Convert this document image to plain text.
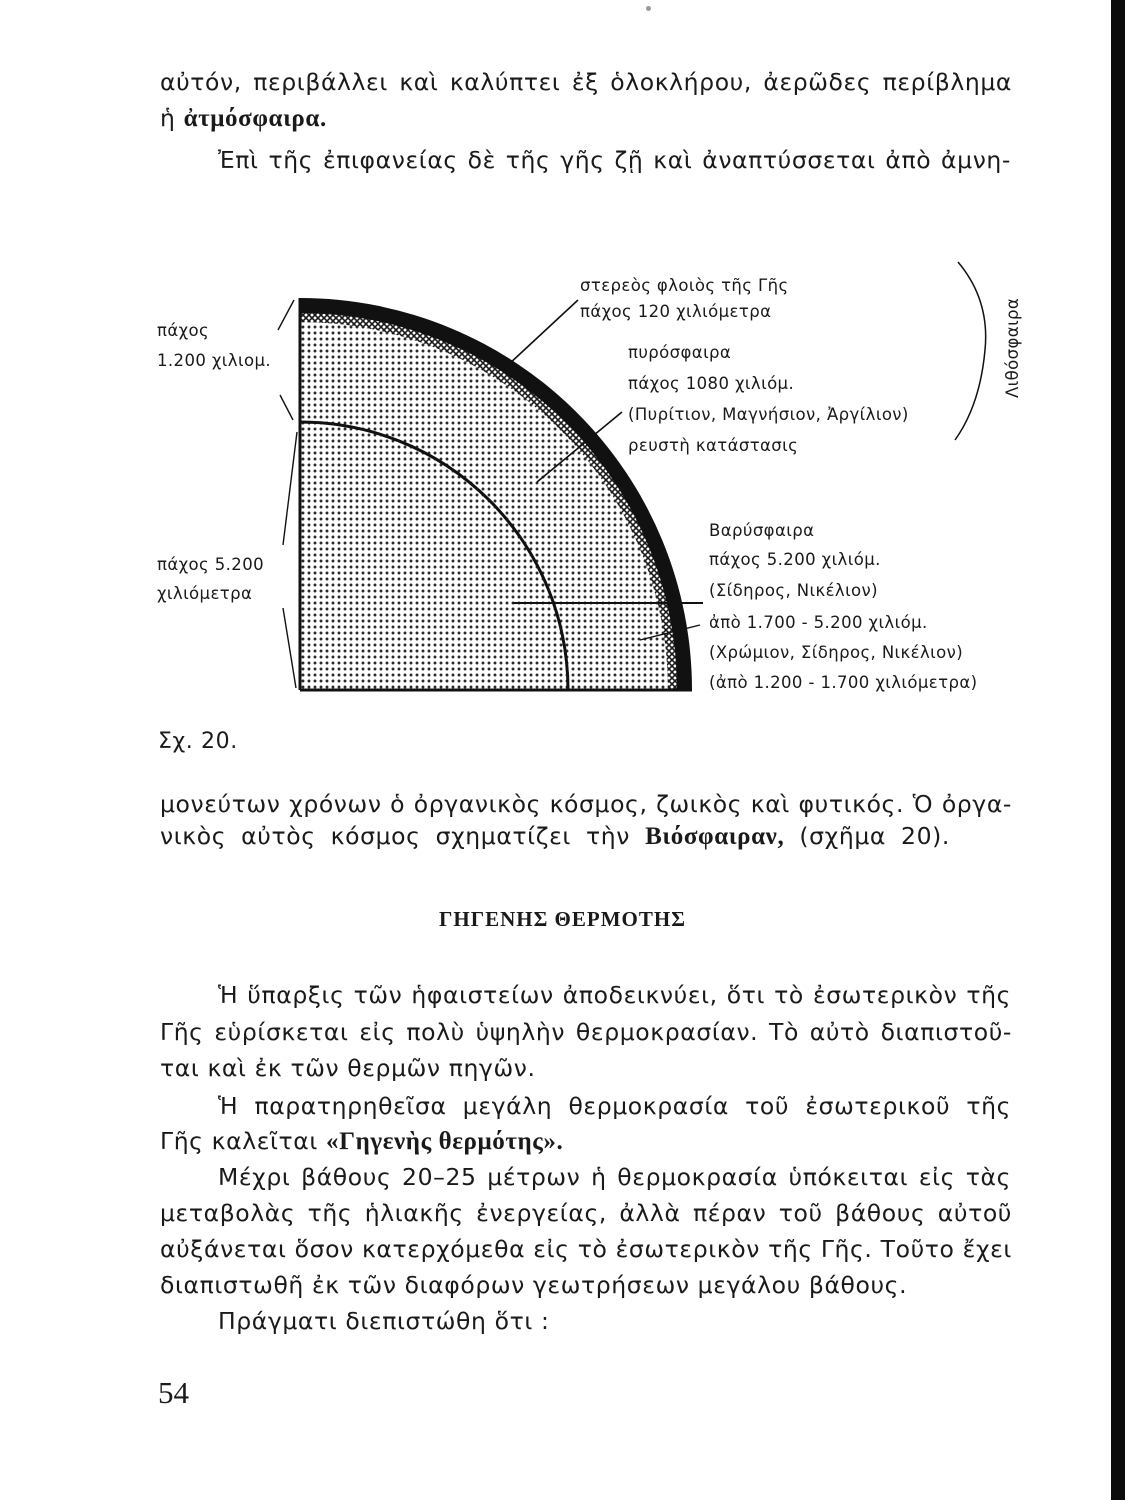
αὐτόν, περιβάλλει καὶ καλύπτει ἐξ ὁλοκλήρου, ἀερῶδες περίβλημα
ἡ ἀτμόσφαιρα.
Ἐπὶ τῆς ἐπιφανείας δὲ τῆς γῆς ζῇ καὶ ἀναπτύσσεται ἀπὸ ἀμνη-
στερεὸς φλοιὸς τῆς Γῆς
πάχος 120 χιλιόμετρα
πυρόσφαιρα
πάχος 1080 χιλιόμ.
(Πυρίτιον, Μαγνήσιον, Ἀργίλιον)
ρευστὴ κατάστασις
πάχος
1.200 χιλιομ.
πάχος 5.200
χιλιόμετρα
Βαρύσφαιρα
πάχος 5.200 χιλιόμ.
(Σίδηρος, Νικέλιον)
ἀπὸ 1.700 - 5.200 χιλιόμ.
(Χρώμιον, Σίδηρος, Νικέλιον)
(ἀπὸ 1.200 - 1.700 χιλιόμετρα)
Λιθόσφαιρα
Σχ. 20.
μονεύτων χρόνων ὁ ὀργανικὸς κόσμος, ζωικὸς καὶ φυτικός. Ὁ ὀργα-
νικὸς αὐτὸς κόσμος σχηματίζει τὴν Βιόσφαιραν, (σχῆμα 20).
ΓΗΓΕΝΗΣ ΘΕΡΜΟΤΗΣ
Ἡ ὕπαρξις τῶν ἡφαιστείων ἀποδεικνύει, ὅτι τὸ ἐσωτερικὸν τῆς
Γῆς εὑρίσκεται εἰς πολὺ ὑψηλὴν θερμοκρασίαν. Τὸ αὐτὸ διαπιστοῦ-
ται καὶ ἐκ τῶν θερμῶν πηγῶν.
Ἡ παρατηρηθεῖσα μεγάλη θερμοκρασία τοῦ ἐσωτερικοῦ τῆς
Γῆς καλεῖται «Γηγενὴς θερμότης».
Μέχρι βάθους 20–25 μέτρων ἡ θερμοκρασία ὑπόκειται εἰς τὰς
μεταβολὰς τῆς ἡλιακῆς ἐνεργείας, ἀλλὰ πέραν τοῦ βάθους αὐτοῦ
αὐξάνεται ὅσον κατερχόμεθα εἰς τὸ ἐσωτερικὸν τῆς Γῆς. Τοῦτο ἔχει
διαπιστωθῆ ἐκ τῶν διαφόρων γεωτρήσεων μεγάλου βάθους.
Πράγματι διεπιστώθη ὅτι :
54
